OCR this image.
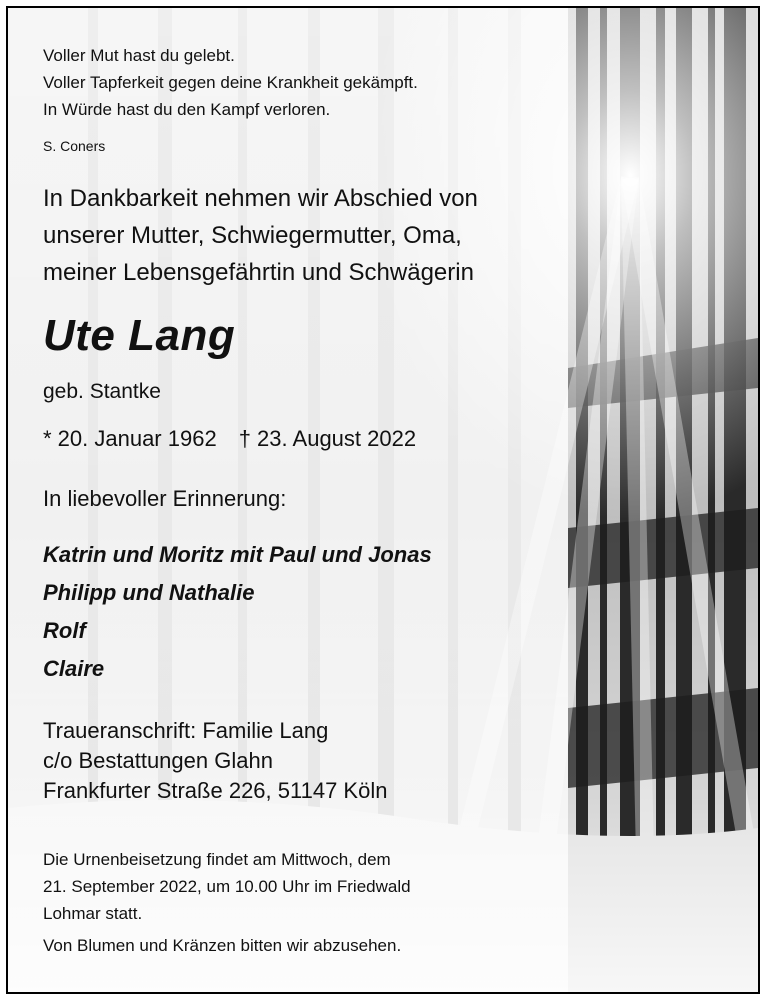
Voller Mut hast du gelebt.
Voller Tapferkeit gegen deine Krankheit gekämpft.
In Würde hast du den Kampf verloren.

S. Coners

In Dankbarkeit nehmen wir Abschied von
unserer Mutter, Schwiegermutter, Oma,
meiner Lebensgefährtin und Schwägerin

Ute Lang

geb. Stantke

* 20. Januar 1962 † 23. August 2022

In liebevoller Erinnerung:

Katrin und Moritz mit Paul und Jonas
Philipp und Nathalie
Rolf
Claire

Traueranschrift: Familie Lang
c/o Bestattungen Glahn
Frankfurter Straße 226, 51147 Köln

Die Urnenbeisetzung findet am Mittwoch, dem
21. September 2022, um 10.00 Uhr im Friedwald
Lohmar statt.

Von Blumen und Kränzen bitten wir abzusehen.
